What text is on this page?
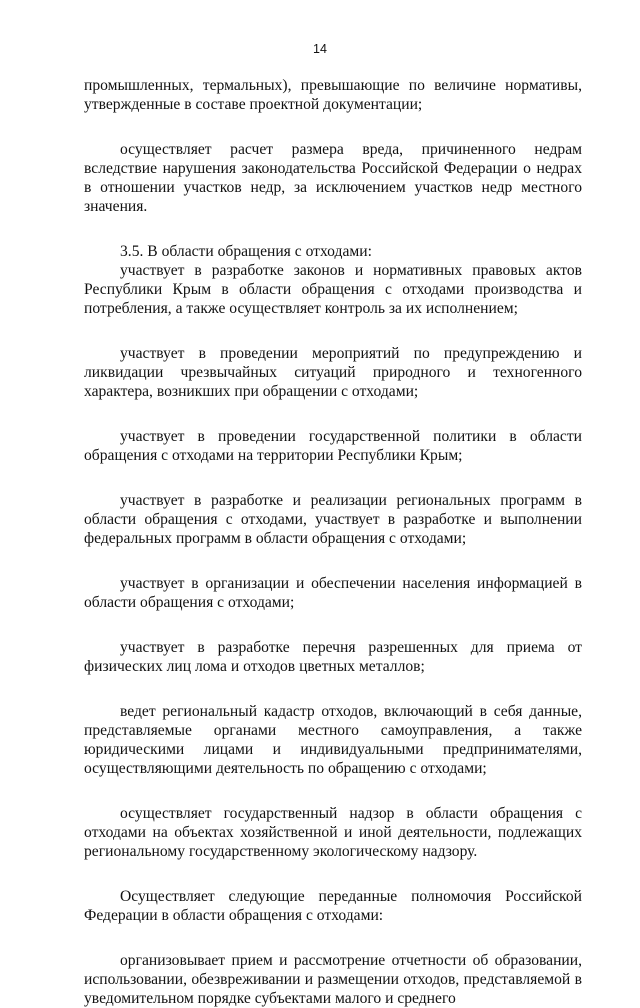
14

промышленных, термальных), превышающие по величине нормативы, утвержденные в составе проектной документации;

осуществляет расчет размера вреда, причиненного недрам вследствие нарушения законодательства Российской Федерации о недрах в отношении участков недр, за исключением участков недр местного значения.

3.5. В области обращения с отходами:

участвует в разработке законов и нормативных правовых актов Республики Крым в области обращения с отходами производства и потребления, а также осуществляет контроль за их исполнением;

участвует в проведении мероприятий по предупреждению и ликвидации чрезвычайных ситуаций природного и техногенного характера, возникших при обращении с отходами;

участвует в проведении государственной политики в области обращения с отходами на территории Республики Крым;

участвует в разработке и реализации региональных программ в области обращения с отходами, участвует в разработке и выполнении федеральных программ в области обращения с отходами;

участвует в организации и обеспечении населения информацией в области обращения с отходами;

участвует в разработке перечня разрешенных для приема от физических лиц лома и отходов цветных металлов;

ведет региональный кадастр отходов, включающий в себя данные, представляемые органами местного самоуправления, а также юридическими лицами и индивидуальными предпринимателями, осуществляющими деятельность по обращению с отходами;

осуществляет государственный надзор в области обращения с отходами на объектах хозяйственной и иной деятельности, подлежащих региональному государственному экологическому надзору.

Осуществляет следующие переданные полномочия Российской Федерации в области обращения с отходами:

организовывает прием и рассмотрение отчетности об образовании, использовании, обезвреживании и размещении отходов, представляемой в уведомительном порядке субъектами малого и среднего
